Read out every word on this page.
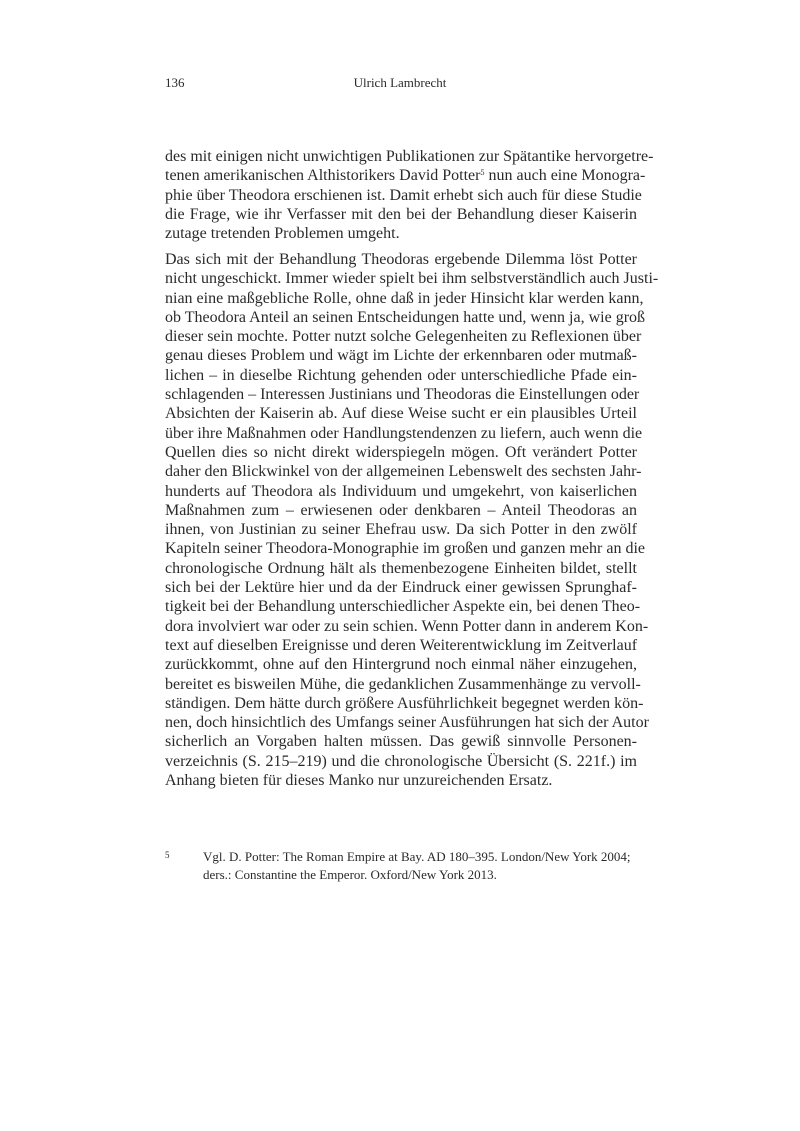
136	Ulrich Lambrecht
des mit einigen nicht unwichtigen Publikationen zur Spätantike hervorgetre-
tenen amerikanischen Althistorikers David Potter$^5$ nun auch eine Monogra-
phie über Theodora erschienen ist. Damit erhebt sich auch für diese Studie
die Frage, wie ihr Verfasser mit den bei der Behandlung dieser Kaiserin
zutage tretenden Problemen umgeht.
Das sich mit der Behandlung Theodoras ergebende Dilemma löst Potter
nicht ungeschickt. Immer wieder spielt bei ihm selbstverständlich auch Justi-
nian eine maßgebliche Rolle, ohne daß in jeder Hinsicht klar werden kann,
ob Theodora Anteil an seinen Entscheidungen hatte und, wenn ja, wie groß
dieser sein mochte. Potter nutzt solche Gelegenheiten zu Reflexionen über
genau dieses Problem und wägt im Lichte der erkennbaren oder mutmaß-
lichen – in dieselbe Richtung gehenden oder unterschiedliche Pfade ein-
schlagenden – Interessen Justinians und Theodoras die Einstellungen oder
Absichten der Kaiserin ab. Auf diese Weise sucht er ein plausibles Urteil
über ihre Maßnahmen oder Handlungstendenzen zu liefern, auch wenn die
Quellen dies so nicht direkt widerspiegeln mögen. Oft verändert Potter
daher den Blickwinkel von der allgemeinen Lebenswelt des sechsten Jahr-
hunderts auf Theodora als Individuum und umgekehrt, von kaiserlichen
Maßnahmen zum – erwiesenen oder denkbaren – Anteil Theodoras an
ihnen, von Justinian zu seiner Ehefrau usw. Da sich Potter in den zwölf
Kapiteln seiner Theodora-Monographie im großen und ganzen mehr an die
chronologische Ordnung hält als themenbezogene Einheiten bildet, stellt
sich bei der Lektüre hier und da der Eindruck einer gewissen Sprunghaf-
tigkeit bei der Behandlung unterschiedlicher Aspekte ein, bei denen Theo-
dora involviert war oder zu sein schien. Wenn Potter dann in anderem Kon-
text auf dieselben Ereignisse und deren Weiterentwicklung im Zeitverlauf
zurückkommt, ohne auf den Hintergrund noch einmal näher einzugehen,
bereitet es bisweilen Mühe, die gedanklichen Zusammenhänge zu vervoll-
ständigen. Dem hätte durch größere Ausführlichkeit begegnet werden kön-
nen, doch hinsichtlich des Umfangs seiner Ausführungen hat sich der Autor
sicherlich an Vorgaben halten müssen. Das gewiß sinnvolle Personen-
verzeichnis (S. 215–219) und die chronologische Übersicht (S. 221f.) im
Anhang bieten für dieses Manko nur unzureichenden Ersatz.
5	Vgl. D. Potter: The Roman Empire at Bay. AD 180–395. London/New York 2004;
ders.: Constantine the Emperor. Oxford/New York 2013.
